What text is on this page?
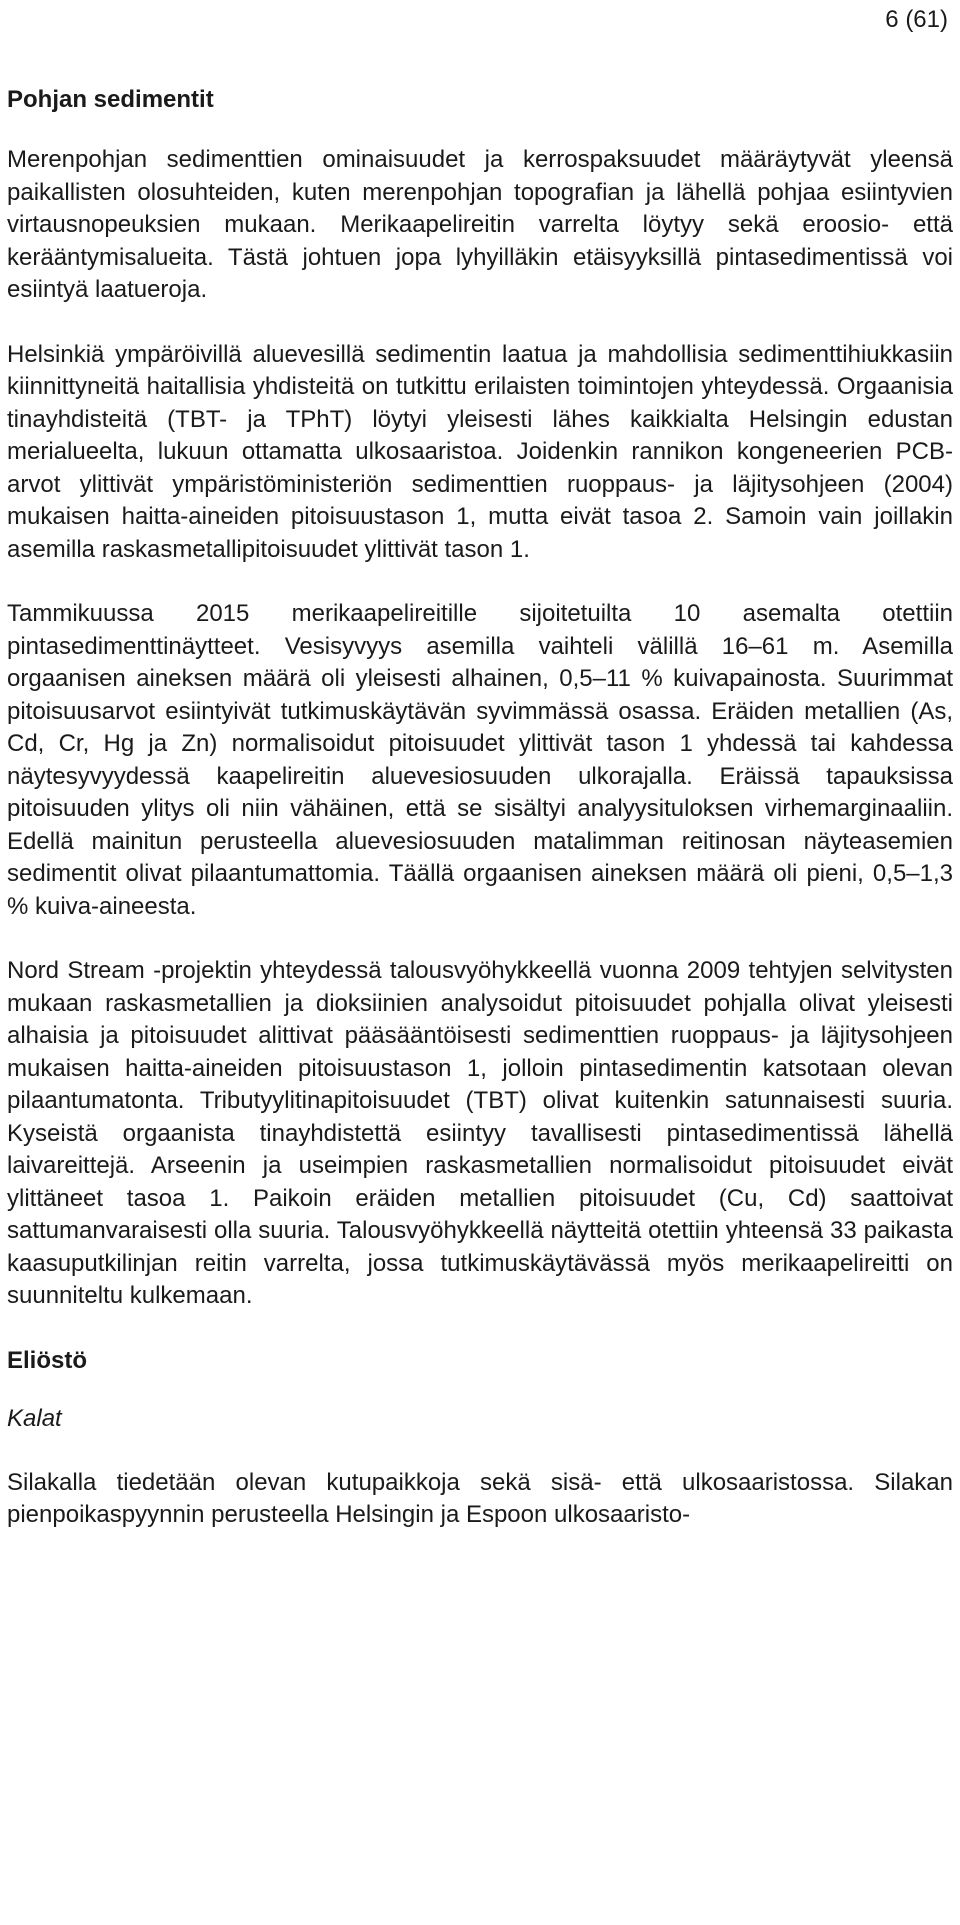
6 (61)
Pohjan sedimentit

Merenpohjan sedimenttien ominaisuudet ja kerrospaksuudet määräytyvät yleensä paikallisten olosuhteiden, kuten merenpohjan topografian ja lähellä pohjaa esiintyvien virtausnopeuksien mukaan. Merikaapelireitin varrelta löytyy sekä eroosio- että kerääntymisalueita. Tästä johtuen jopa lyhyilläkin etäisyyksillä pintasedimentissä voi esiintyä laatueroja.

Helsinkiä ympäröivillä aluevesillä sedimentin laatua ja mahdollisia sedimenttihiukkasiin kiinnittyneitä haitallisia yhdisteitä on tutkittu erilaisten toimintojen yhteydessä. Orgaanisia tinayhdisteitä (TBT- ja TPhT) löytyi yleisesti lähes kaikkialta Helsingin edustan merialueelta, lukuun ottamatta ulkosaaristoa. Joidenkin rannikon kongeneerien PCB-arvot ylittivät ympäristöministeriön sedimenttien ruoppaus- ja läjitysohjeen (2004) mukaisen haitta-aineiden pitoisuustason 1, mutta eivät tasoa 2. Samoin vain joillakin asemilla raskasmetallipitoisuudet ylittivät tason 1.

Tammikuussa 2015 merikaapelireitille sijoitetuilta 10 asemalta otettiin pintasedimenttinäytteet. Vesisyvyys asemilla vaihteli välillä 16–61 m. Asemilla orgaanisen aineksen määrä oli yleisesti alhainen, 0,5–11 % kuivapainosta. Suurimmat pitoisuusarvot esiintyivät tutkimuskäytävän syvimmässä osassa. Eräiden metallien (As, Cd, Cr, Hg ja Zn) normalisoidut pitoisuudet ylittivät tason 1 yhdessä tai kahdessa näytesyvyydessä kaapelireitin aluevesiosuuden ulkorajalla. Eräissä tapauksissa pitoisuuden ylitys oli niin vähäinen, että se sisältyi analyysituloksen virhemarginaaliin. Edellä mainitun perusteella aluevesiosuuden matalimman reitinosan näyteasemien sedimentit olivat pilaantumattomia. Täällä orgaanisen aineksen määrä oli pieni, 0,5–1,3 % kuiva-aineesta.

Nord Stream -projektin yhteydessä talousvyöhykkeellä vuonna 2009 tehtyjen selvitysten mukaan raskasmetallien ja dioksiinien analysoidut pitoisuudet pohjalla olivat yleisesti alhaisia ja pitoisuudet alittivat pääsääntöisesti sedimenttien ruoppaus- ja läjitysohjeen mukaisen haitta-aineiden pitoisuustason 1, jolloin pintasedimentin katsotaan olevan pilaantumatonta. Tributyylitinapitoisuudet (TBT) olivat kuitenkin satunnaisesti suuria. Kyseistä orgaanista tinayhdistettä esiintyy tavallisesti pintasedimentissä lähellä laivareittejä. Arseenin ja useimpien raskasmetallien normalisoidut pitoisuudet eivät ylittäneet tasoa 1. Paikoin eräiden metallien pitoisuudet (Cu, Cd) saattoivat sattumanvaraisesti olla suuria. Talousvyöhykkeellä näytteitä otettiin yhteensä 33 paikasta kaasuputkilinjan reitin varrelta, jossa tutkimuskäytävässä myös merikaapelireitti on suunniteltu kulkemaan.

Eliöstö
Kalat

Silakalla tiedetään olevan kutupaikkoja sekä sisä- että ulkosaaristossa. Silakan pienpoikaspyynnin perusteella Helsingin ja Espoon ulkosaaristo-
